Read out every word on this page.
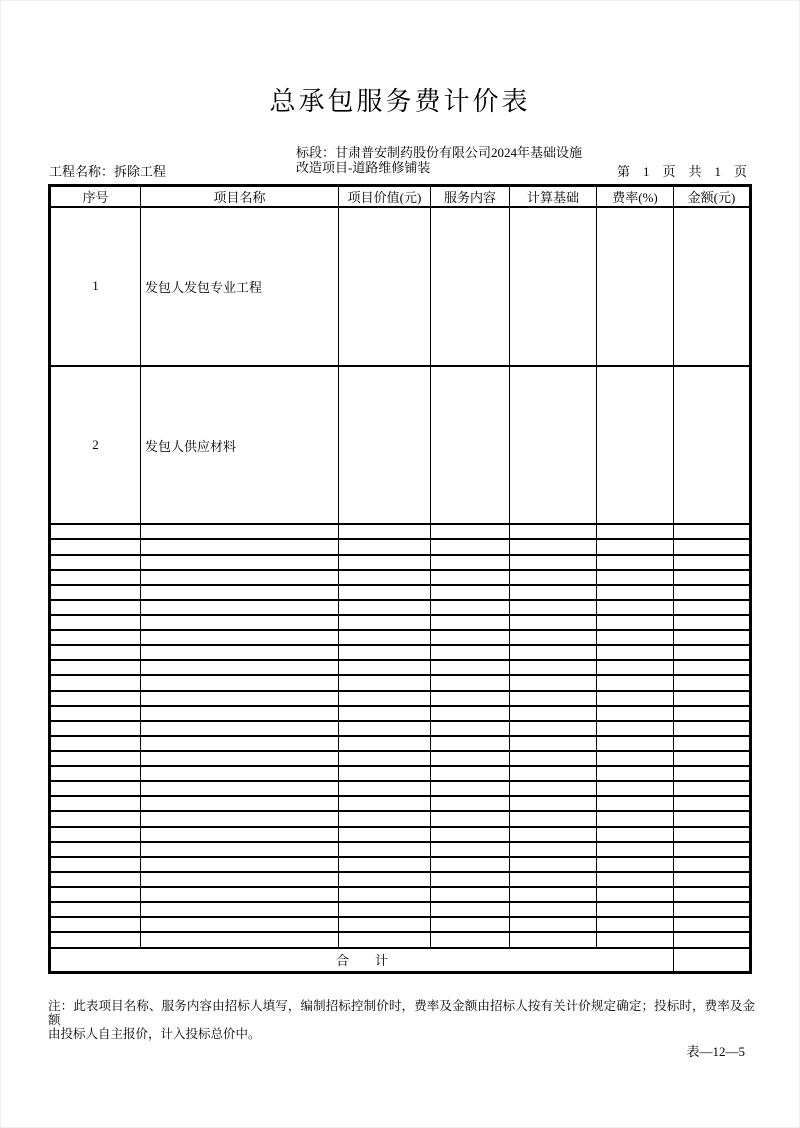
总承包服务费计价表
工程名称：拆除工程
标段：甘肃普安制药股份有限公司2024年基础设施
改造项目-道路维修铺装	第　1　页　共　1　页
序号	项目名称	项目价值(元)	服务内容	计算基础	费率(%)	金额(元)
1	发包人发包专业工程					
2	发包人供应材料					

合　　计						
注：此表项目名称、服务内容由招标人填写，编制招标控制价时，费率及金额由招标人按有关计价规定确定；投标时，费率及金额
由投标人自主报价，计入投标总价中。
表—12—5
